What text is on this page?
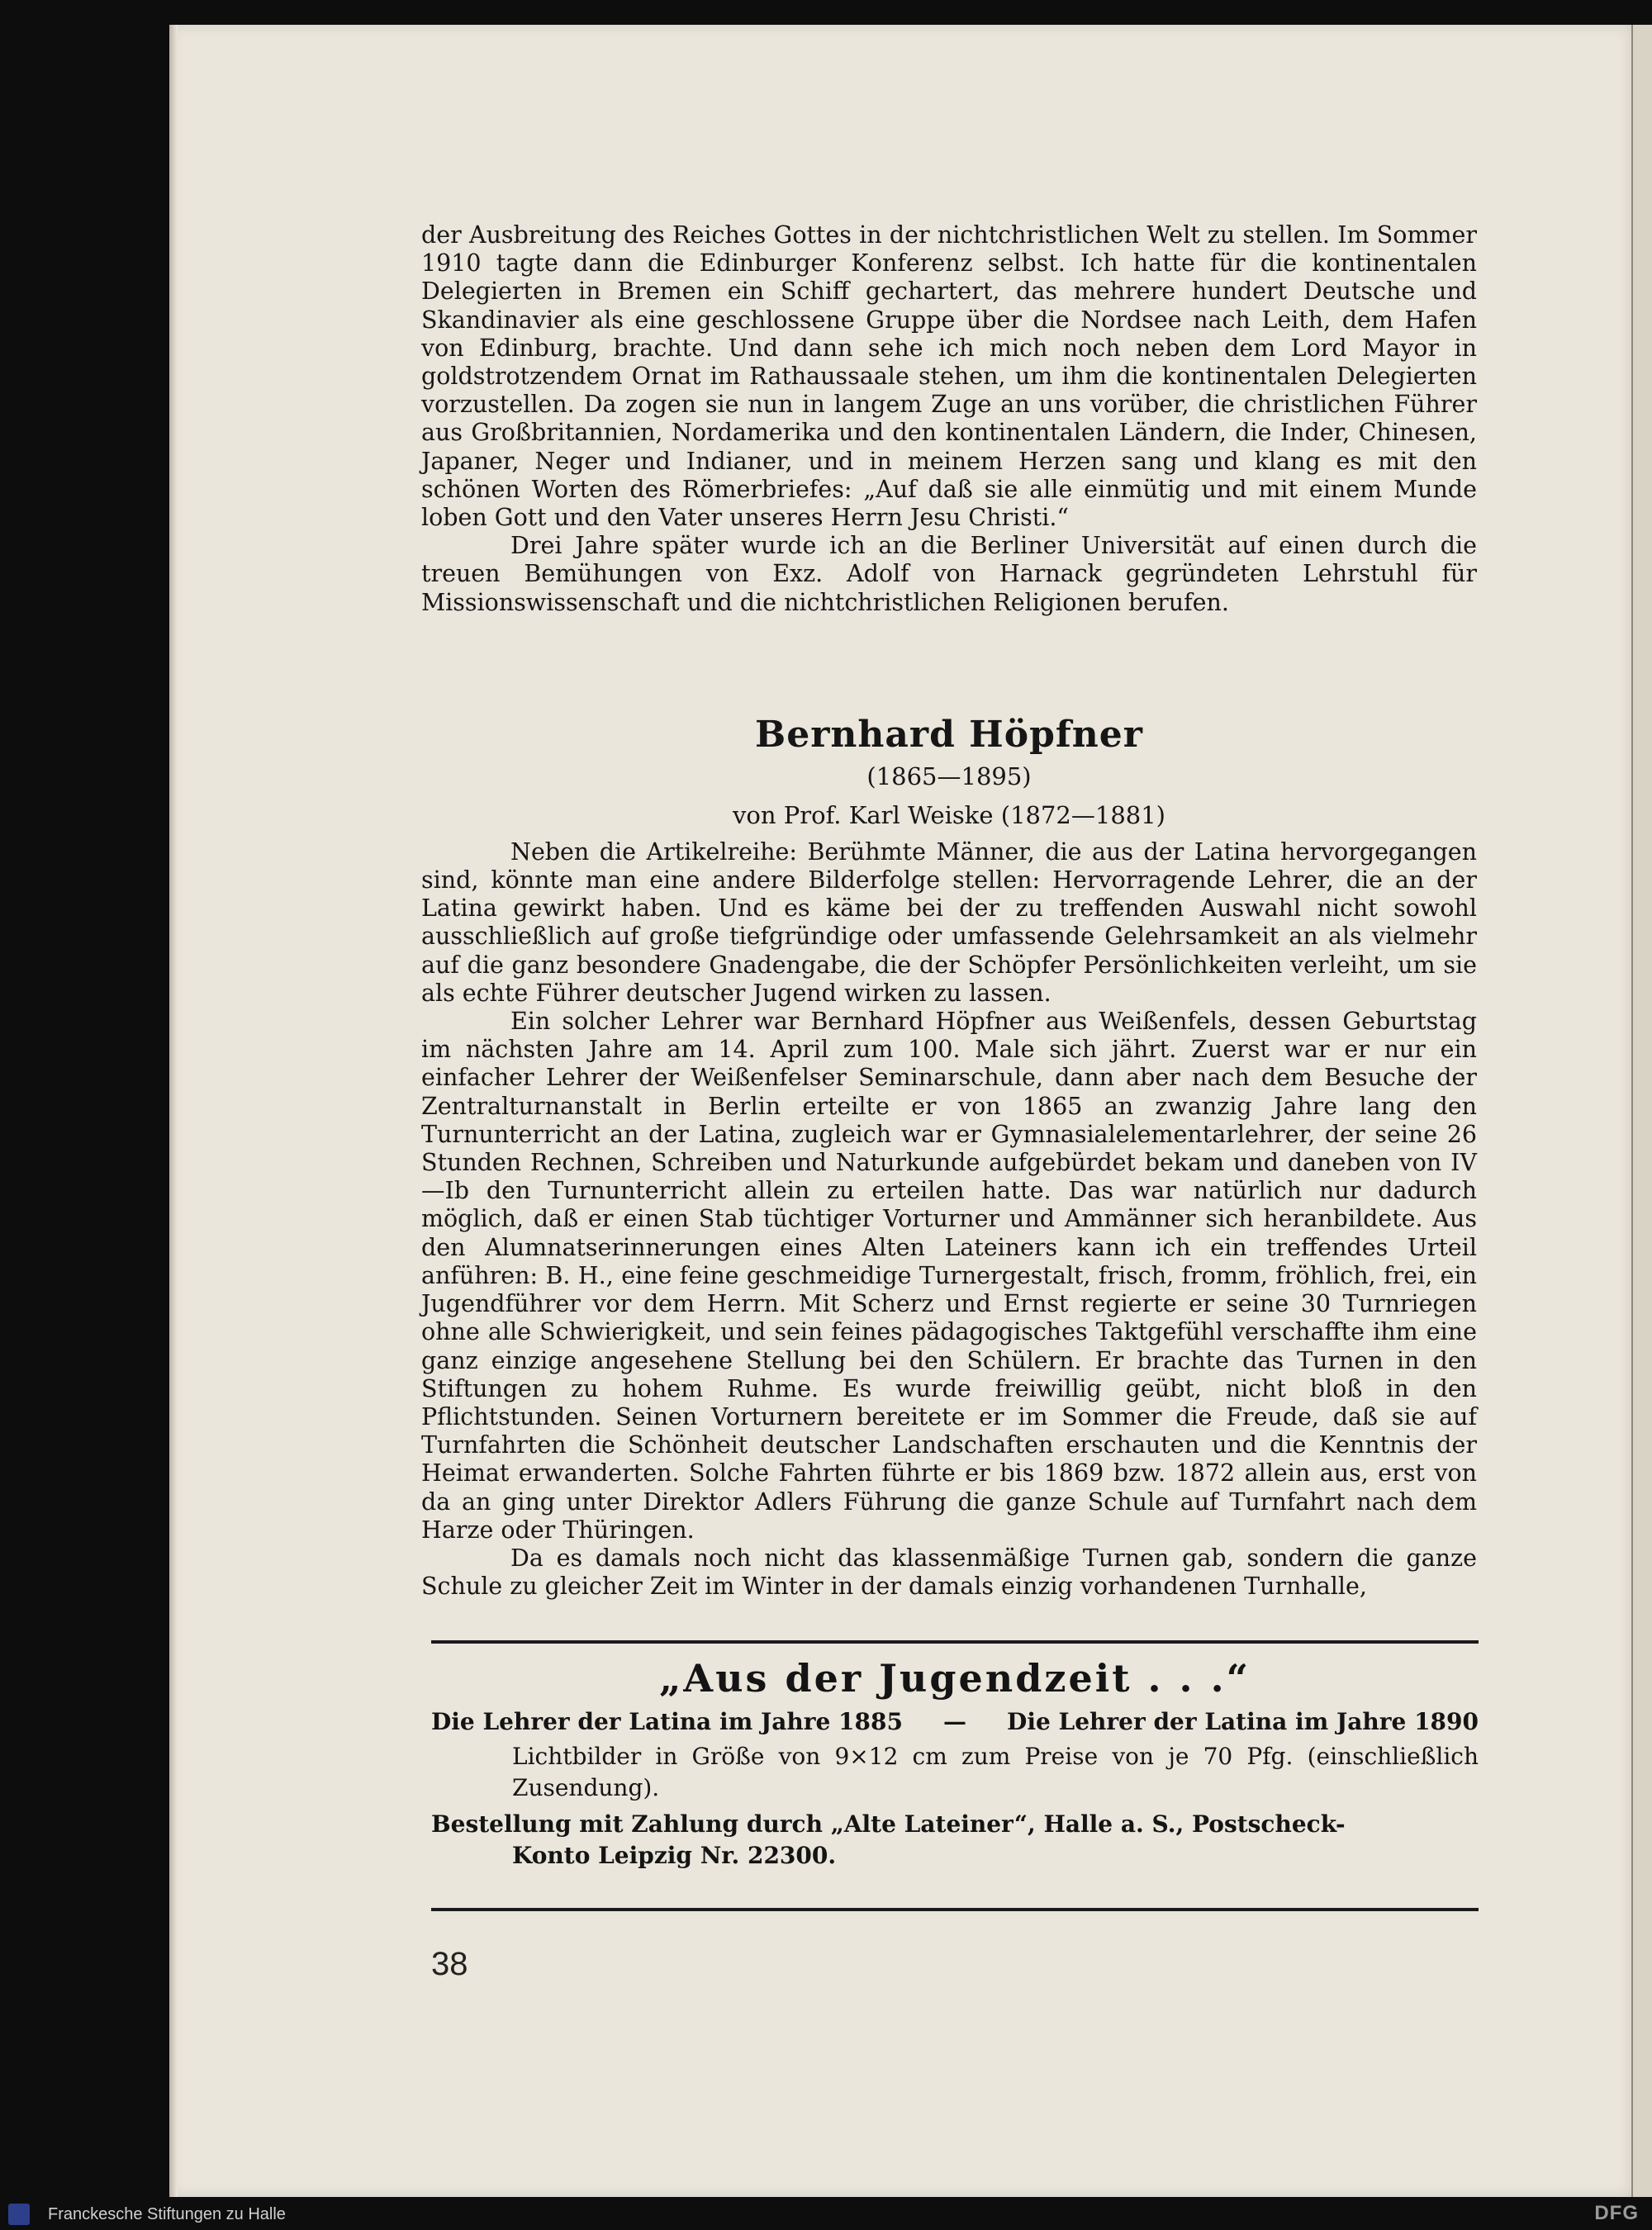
der Ausbreitung des Reiches Gottes in der nichtchristlichen Welt zu stellen. Im Sommer 1910 tagte dann die Edinburger Konferenz selbst. Ich hatte für die kontinentalen Delegierten in Bremen ein Schiff gechartert, das mehrere hundert Deutsche und Skandinavier als eine geschlossene Gruppe über die Nordsee nach Leith, dem Hafen von Edinburg, brachte. Und dann sehe ich mich noch neben dem Lord Mayor in goldstrotzendem Ornat im Rathaussaale stehen, um ihm die kontinentalen Delegierten vorzustellen. Da zogen sie nun in langem Zuge an uns vorüber, die christlichen Führer aus Großbritannien, Nordamerika und den kontinentalen Ländern, die Inder, Chinesen, Japaner, Neger und Indianer, und in meinem Herzen sang und klang es mit den schönen Worten des Römerbriefes: „Auf daß sie alle einmütig und mit einem Munde loben Gott und den Vater unseres Herrn Jesu Christi.“

Drei Jahre später wurde ich an die Berliner Universität auf einen durch die treuen Bemühungen von Exz. Adolf von Harnack gegründeten Lehrstuhl für Missionswissenschaft und die nichtchristlichen Religionen berufen.

Bernhard Höpfner
(1865—1895)
von Prof. Karl Weiske (1872—1881)

Neben die Artikelreihe: Berühmte Männer, die aus der Latina hervorgegangen sind, könnte man eine andere Bilderfolge stellen: Hervorragende Lehrer, die an der Latina gewirkt haben. Und es käme bei der zu treffenden Auswahl nicht sowohl ausschließlich auf große tiefgründige oder umfassende Gelehrsamkeit an als vielmehr auf die ganz besondere Gnadengabe, die der Schöpfer Persönlichkeiten verleiht, um sie als echte Führer deutscher Jugend wirken zu lassen.

Ein solcher Lehrer war Bernhard Höpfner aus Weißenfels, dessen Geburtstag im nächsten Jahre am 14. April zum 100. Male sich jährt. Zuerst war er nur ein einfacher Lehrer der Weißenfelser Seminarschule, dann aber nach dem Besuche der Zentralturnanstalt in Berlin erteilte er von 1865 an zwanzig Jahre lang den Turnunterricht an der Latina, zugleich war er Gymnasialelementarlehrer, der seine 26 Stunden Rechnen, Schreiben und Naturkunde aufgebürdet bekam und daneben von IV—Ib den Turnunterricht allein zu erteilen hatte. Das war natürlich nur dadurch möglich, daß er einen Stab tüchtiger Vorturner und Ammänner sich heranbildete. Aus den Alumnatserinnerungen eines Alten Lateiners kann ich ein treffendes Urteil anführen: B. H., eine feine geschmeidige Turnergestalt, frisch, fromm, fröhlich, frei, ein Jugendführer vor dem Herrn. Mit Scherz und Ernst regierte er seine 30 Turnriegen ohne alle Schwierigkeit, und sein feines pädagogisches Taktgefühl verschaffte ihm eine ganz einzige angesehene Stellung bei den Schülern. Er brachte das Turnen in den Stiftungen zu hohem Ruhme. Es wurde freiwillig geübt, nicht bloß in den Pflichtstunden. Seinen Vorturnern bereitete er im Sommer die Freude, daß sie auf Turnfahrten die Schönheit deutscher Landschaften erschauten und die Kenntnis der Heimat erwanderten. Solche Fahrten führte er bis 1869 bzw. 1872 allein aus, erst von da an ging unter Direktor Adlers Führung die ganze Schule auf Turnfahrt nach dem Harze oder Thüringen.

Da es damals noch nicht das klassenmäßige Turnen gab, sondern die ganze Schule zu gleicher Zeit im Winter in der damals einzig vorhandenen Turnhalle,

„Aus der Jugendzeit . . .“
Die Lehrer der Latina im Jahre 1885	—	Die Lehrer der Latina im Jahre 1890
Lichtbilder in Größe von 9×12 cm zum Preise von je 70 Pfg. (einschließlich Zusendung).
Bestellung mit Zahlung durch „Alte Lateiner“, Halle a. S., Postscheck-
Konto Leipzig Nr. 22300.
38
Franckesche Stiftungen zu Halle	DFG
